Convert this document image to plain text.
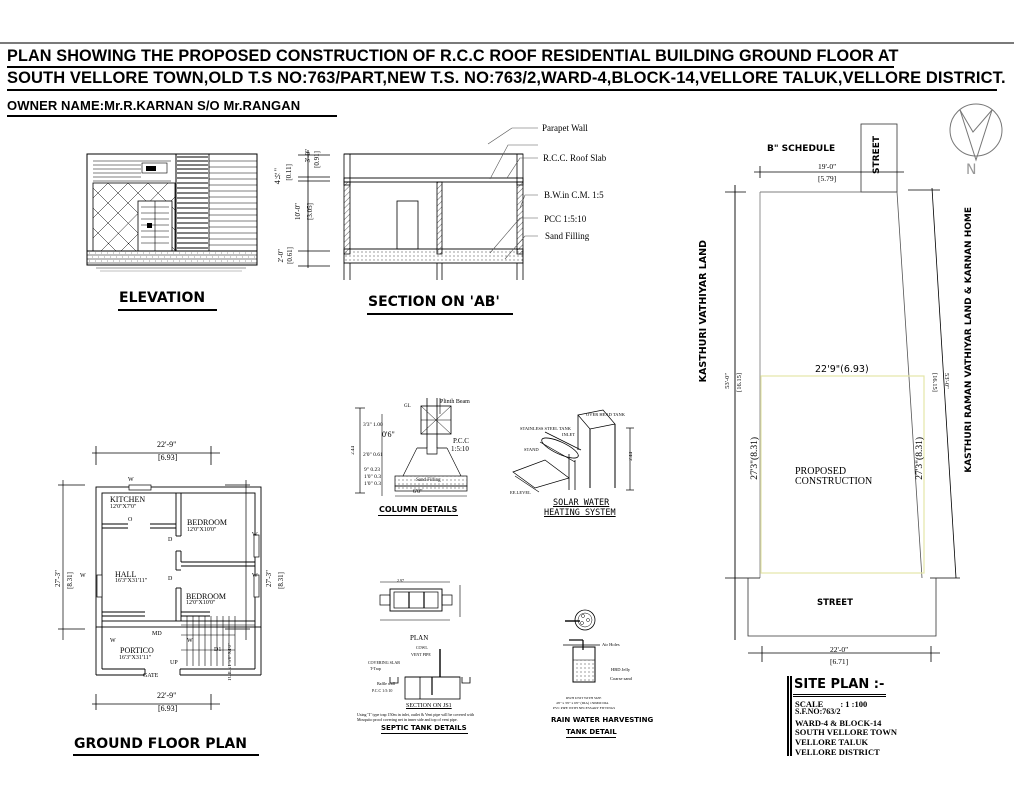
PLAN SHOWING THE PROPOSED CONSTRUCTION OF R.C.C ROOF RESIDENTIAL BUILDING GROUND FLOOR AT
SOUTH VELLORE TOWN,OLD T.S NO:763/PART,NEW T.S. NO:763/2,WARD-4,BLOCK-14,VELLORE TALUK,VELLORE DISTRICT.
OWNER NAME:Mr.R.KARNAN S/O Mr.RANGAN
4½" [0.11]
3'-0" [0.91]
10'-0" [3.05]
2'-0" [0.61]
ELEVATION
Parapet Wall
R.C.C. Roof Slab
B.W.in C.M. 1:5
PCC 1:5:10
Sand Filling
SECTION ON 'AB'
22'-9"
[6.93]
27'-3" [8.31]	27'-3" [8.31]
KITCHEN
12'0"X7'0"
BEDROOM
12'0"X10'0"
HALL
16'3"X31'11"
BEDROOM
12'0"X10'0"
PORTICO
16'3"X31'11"
W
W
W
W
W	W
O
D
D
MD
GATE
UP
D1 TOILET 5'0"X4'0"
22'-9"
[6.93]
GROUND FLOOR PLAN
Plinth Beam
GL
P.C.C
1:5:10
0'6"
Sand Filling
6'0"
3'3" 1.00
2'0" 0.61
9" 0.23
1'0" 0.3
1'0" 0.3
2.44
COLUMN DETAILS
OVER HEAD TANK
STAINLESS STEEL TANK
INLET
STAND
EE.LEVEL
2.44
SOLAR WATER
HEATING SYSTEM
2.97
PLAN
COWL
VENT PIPE
COVERING SLAB
T-Trap
Baffle wall
P.C.C 1:5:10
SECTION ON JS1
Using 'T' type trap 150m in inlet, outlet & Vent pipe will be covered with Mosquito proof covering net in inner side and top of vent pipe.
SEPTIC TANK DETAILS
Air Holes
HBD Jelly
Coarse sand
RWH UNIT WITH SIZE
4'0" x 3'0" x 6'0" (DIA) 150MM DIA
PVC PIPE WITH NECESSARY FITTINGS
RAIN WATER HARVESTING
TANK DETAIL
N
B" SCHEDULE
19'-0"
[5.79]
STREET
KASTHURI VATHIYAR LAND 53'-0" [16.15]	[16.15] 53'-0" KASTHURI RAMAN VATHIYAR LAND & KARNAN HOME
22'9"(6.93)
27'3"(8.31)	27'3"(8.31)
PROPOSED
CONSTRUCTION
STREET
22'-0"
[6.71]
SITE PLAN :-
SCALE        : 1 :100
S.F.NO:763/2
WARD-4 & BLOCK-14
SOUTH VELLORE TOWN
VELLORE TALUK
VELLORE DISTRICT
